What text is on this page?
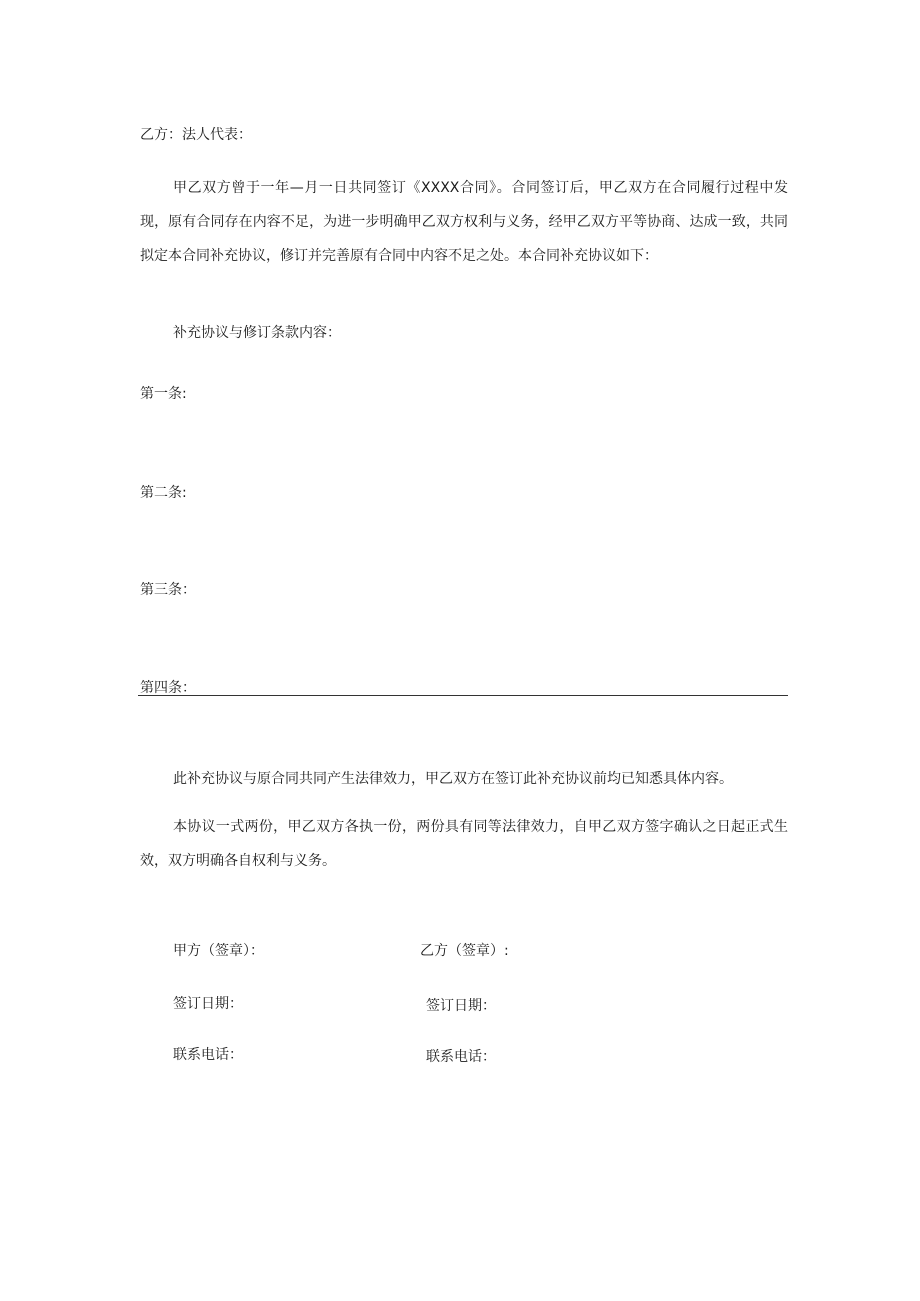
乙方：法人代表：
甲乙双方曾于一年—月一日共同签订《XXXX合同》。合同签订后，甲乙双方在合同履行过程中发现，原有合同存在内容不足，为进一步明确甲乙双方权利与义务，经甲乙双方平等协商、达成一致，共同拟定本合同补充协议，修订并完善原有合同中内容不足之处。本合同补充协议如下：
补充协议与修订条款内容：
第一条:
第二条:
第三条：
第四条：
此补充协议与原合同共同产生法律效力，甲乙双方在签订此补充协议前均已知悉具体内容。
本协议一式两份，甲乙双方各执一份，两份具有同等法律效力，自甲乙双方签字确认之日起正式生效，双方明确各自权利与义务。
甲方（签章）：	乙方（签章）:
签订日期：	签订日期：
联系电话：	联系电话：
